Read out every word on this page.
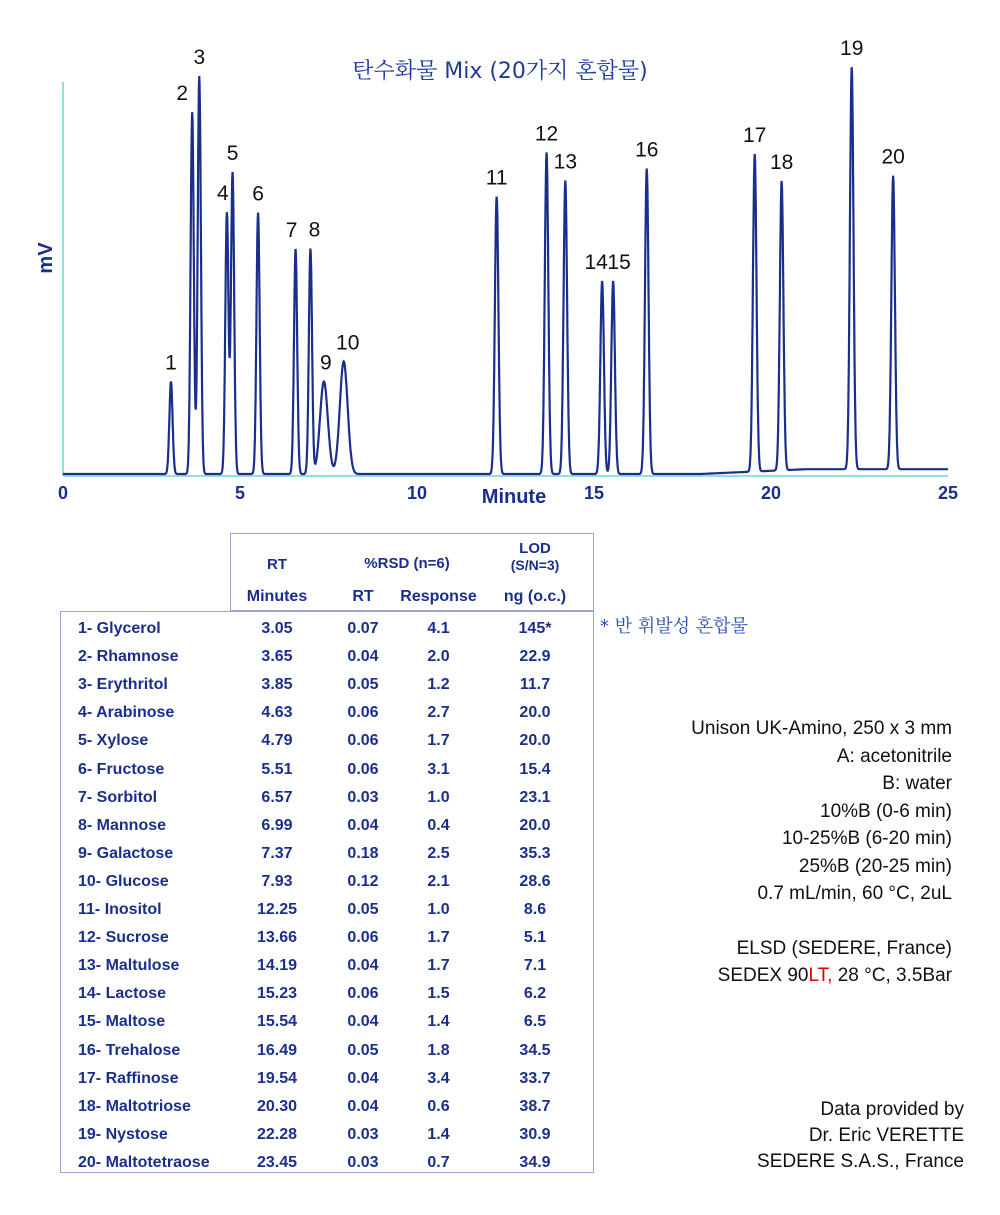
탄수화물 Mix (20가지 혼합물)
mV
Minute
0	5	10	15	20	25
1
2
3
4
5
6
7 8
9
10
11
12
13
14 15
16
17
18
19
20
RT	%RSD (n=6)
LOD
(S/N=3)
Minutes	RT	Response	ng (o.c.)
1- Glycerol	3.05	0.07	4.1	145*
2- Rhamnose	3.65	0.04	2.0	22.9
3- Erythritol	3.85	0.05	1.2	11.7
4- Arabinose	4.63	0.06	2.7	20.0
5- Xylose	4.79	0.06	1.7	20.0
6- Fructose	5.51	0.06	3.1	15.4
7- Sorbitol	6.57	0.03	1.0	23.1
8- Mannose	6.99	0.04	0.4	20.0
9- Galactose	7.37	0.18	2.5	35.3
10- Glucose	7.93	0.12	2.1	28.6
11- Inositol	12.25	0.05	1.0	8.6
12- Sucrose	13.66	0.06	1.7	5.1
13- Maltulose	14.19	0.04	1.7	7.1
14- Lactose	15.23	0.06	1.5	6.2
15- Maltose	15.54	0.04	1.4	6.5
16- Trehalose	16.49	0.05	1.8	34.5
17- Raffinose	19.54	0.04	3.4	33.7
18- Maltotriose	20.30	0.04	0.6	38.7
19- Nystose	22.28	0.03	1.4	30.9
20- Maltotetraose	23.45	0.03	0.7	34.9
* 반 휘발성 혼합물
Unison UK-Amino, 250 x 3 mm
A: acetonitrile
B: water
10%B (0-6 min)
10-25%B (6-20 min)
25%B (20-25 min)
0.7 mL/min, 60 °C, 2uL
ELSD (SEDERE, France)
SEDEX 90LT, 28 °C, 3.5Bar
Data provided by
Dr. Eric VERETTE
SEDERE S.A.S., France
